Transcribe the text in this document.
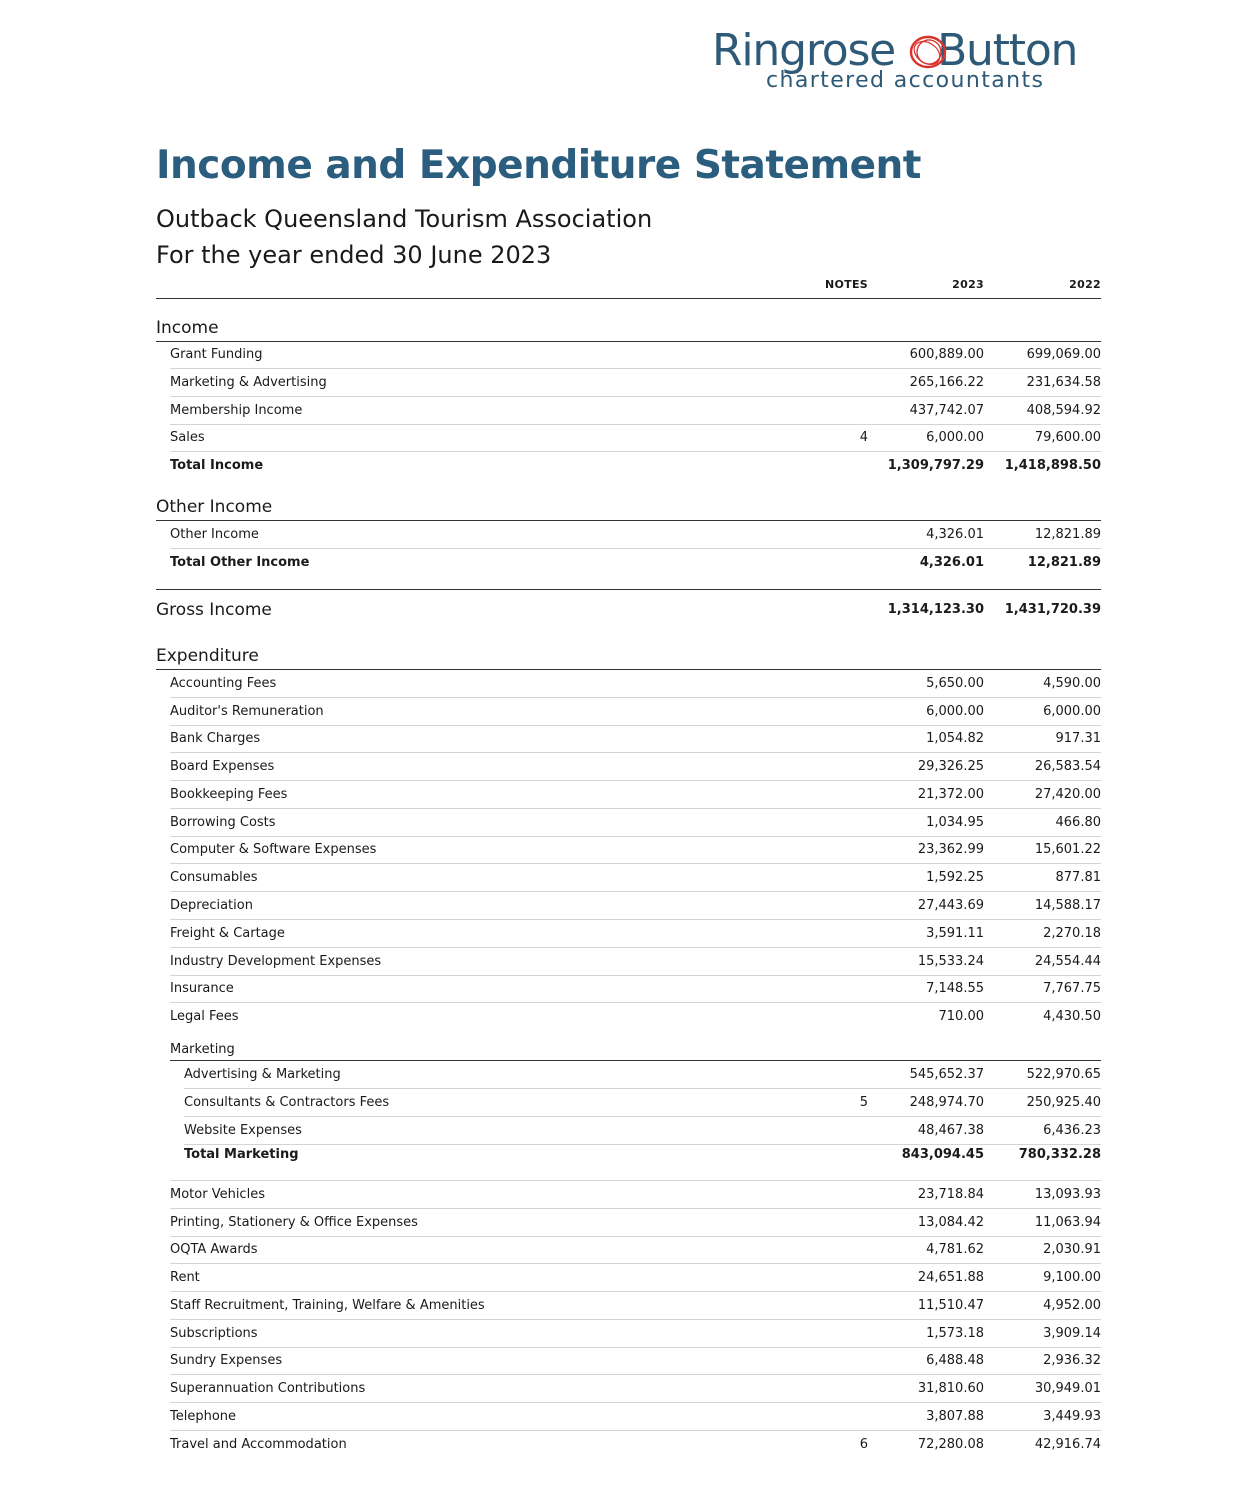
Ringrose Button
chartered accountants
Income and Expenditure Statement
Outback Queensland Tourism Association
For the year ended 30 June 2023
NOTES	2023	2022
Income
Grant Funding	600,889.00	699,069.00
Marketing & Advertising	265,166.22	231,634.58
Membership Income	437,742.07	408,594.92
Sales	4	6,000.00	79,600.00
Total Income	1,309,797.29 1,418,898.50
Other Income
Other Income	4,326.01	12,821.89
Total Other Income	4,326.01	12,821.89
Gross Income	1,314,123.30 1,431,720.39
Expenditure
Accounting Fees	5,650.00	4,590.00
Auditor's Remuneration	6,000.00	6,000.00
Bank Charges	1,054.82	917.31
Board Expenses	29,326.25	26,583.54
Bookkeeping Fees	21,372.00	27,420.00
Borrowing Costs	1,034.95	466.80
Computer & Software Expenses	23,362.99	15,601.22
Consumables	1,592.25	877.81
Depreciation	27,443.69	14,588.17
Freight & Cartage	3,591.11	2,270.18
Industry Development Expenses	15,533.24	24,554.44
Insurance	7,148.55	7,767.75
Legal Fees	710.00	4,430.50
Marketing
Advertising & Marketing	545,652.37	522,970.65
Consultants & Contractors Fees	5	248,974.70	250,925.40
Website Expenses	48,467.38	6,436.23
Total Marketing	843,094.45	780,332.28
Motor Vehicles	23,718.84	13,093.93
Printing, Stationery & Office Expenses	13,084.42	11,063.94
OQTA Awards	4,781.62	2,030.91
Rent	24,651.88	9,100.00
Staff Recruitment, Training, Welfare & Amenities	11,510.47	4,952.00
Subscriptions	1,573.18	3,909.14
Sundry Expenses	6,488.48	2,936.32
Superannuation Contributions	31,810.60	30,949.01
Telephone	3,807.88	3,449.93
Travel and Accommodation	6	72,280.08	42,916.74
